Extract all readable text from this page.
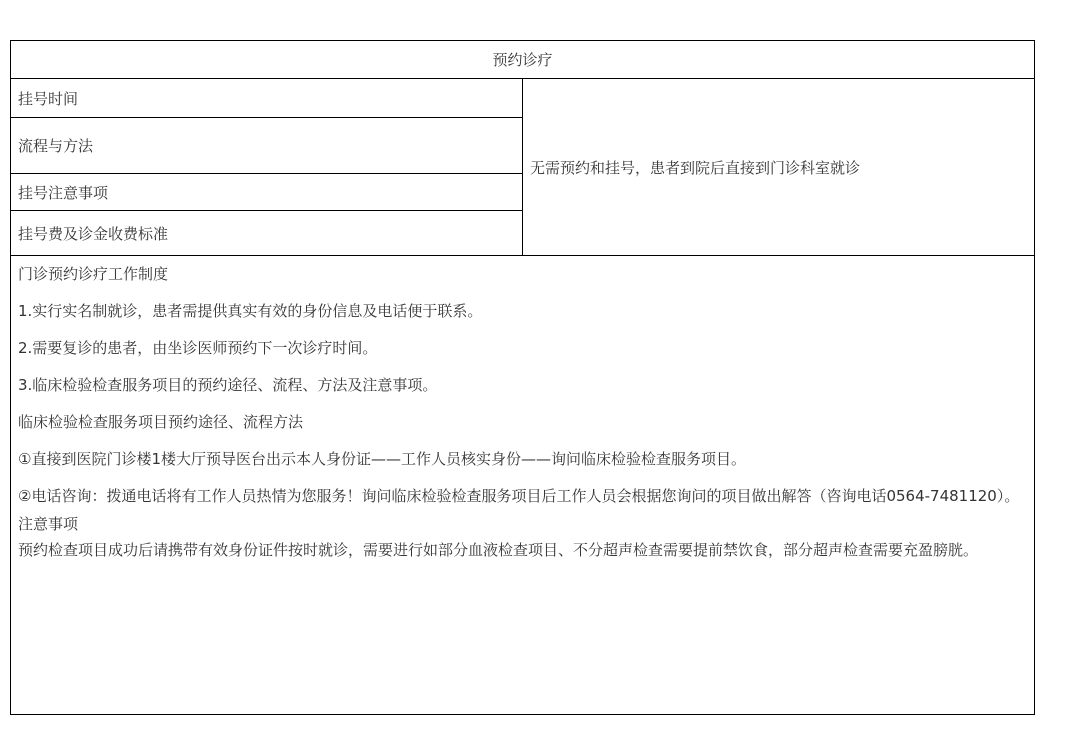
预约诊疗
挂号时间	无需预约和挂号，患者到院后直接到门诊科室就诊
流程与方法
挂号注意事项
挂号费及诊金收费标准

门诊预约诊疗工作制度

1.实行实名制就诊，患者需提供真实有效的身份信息及电话便于联系。

2.需要复诊的患者，由坐诊医师预约下一次诊疗时间。

3.临床检验检查服务项目的预约途径、流程、方法及注意事项。

临床检验检查服务项目预约途径、流程方法

①直接到医院门诊楼1楼大厅预导医台出示本人身份证——工作人员核实身份——询问临床检验检查服务项目。

②电话咨询：拨通电话将有工作人员热情为您服务！询问临床检验检查服务项目后工作人员会根据您询问的项目做出解答（咨询电话0564-7481120）。

注意事项

预约检查项目成功后请携带有效身份证件按时就诊，需要进行如部分血液检查项目、不分超声检查需要提前禁饮食，部分超声检查需要充盈膀胱。
